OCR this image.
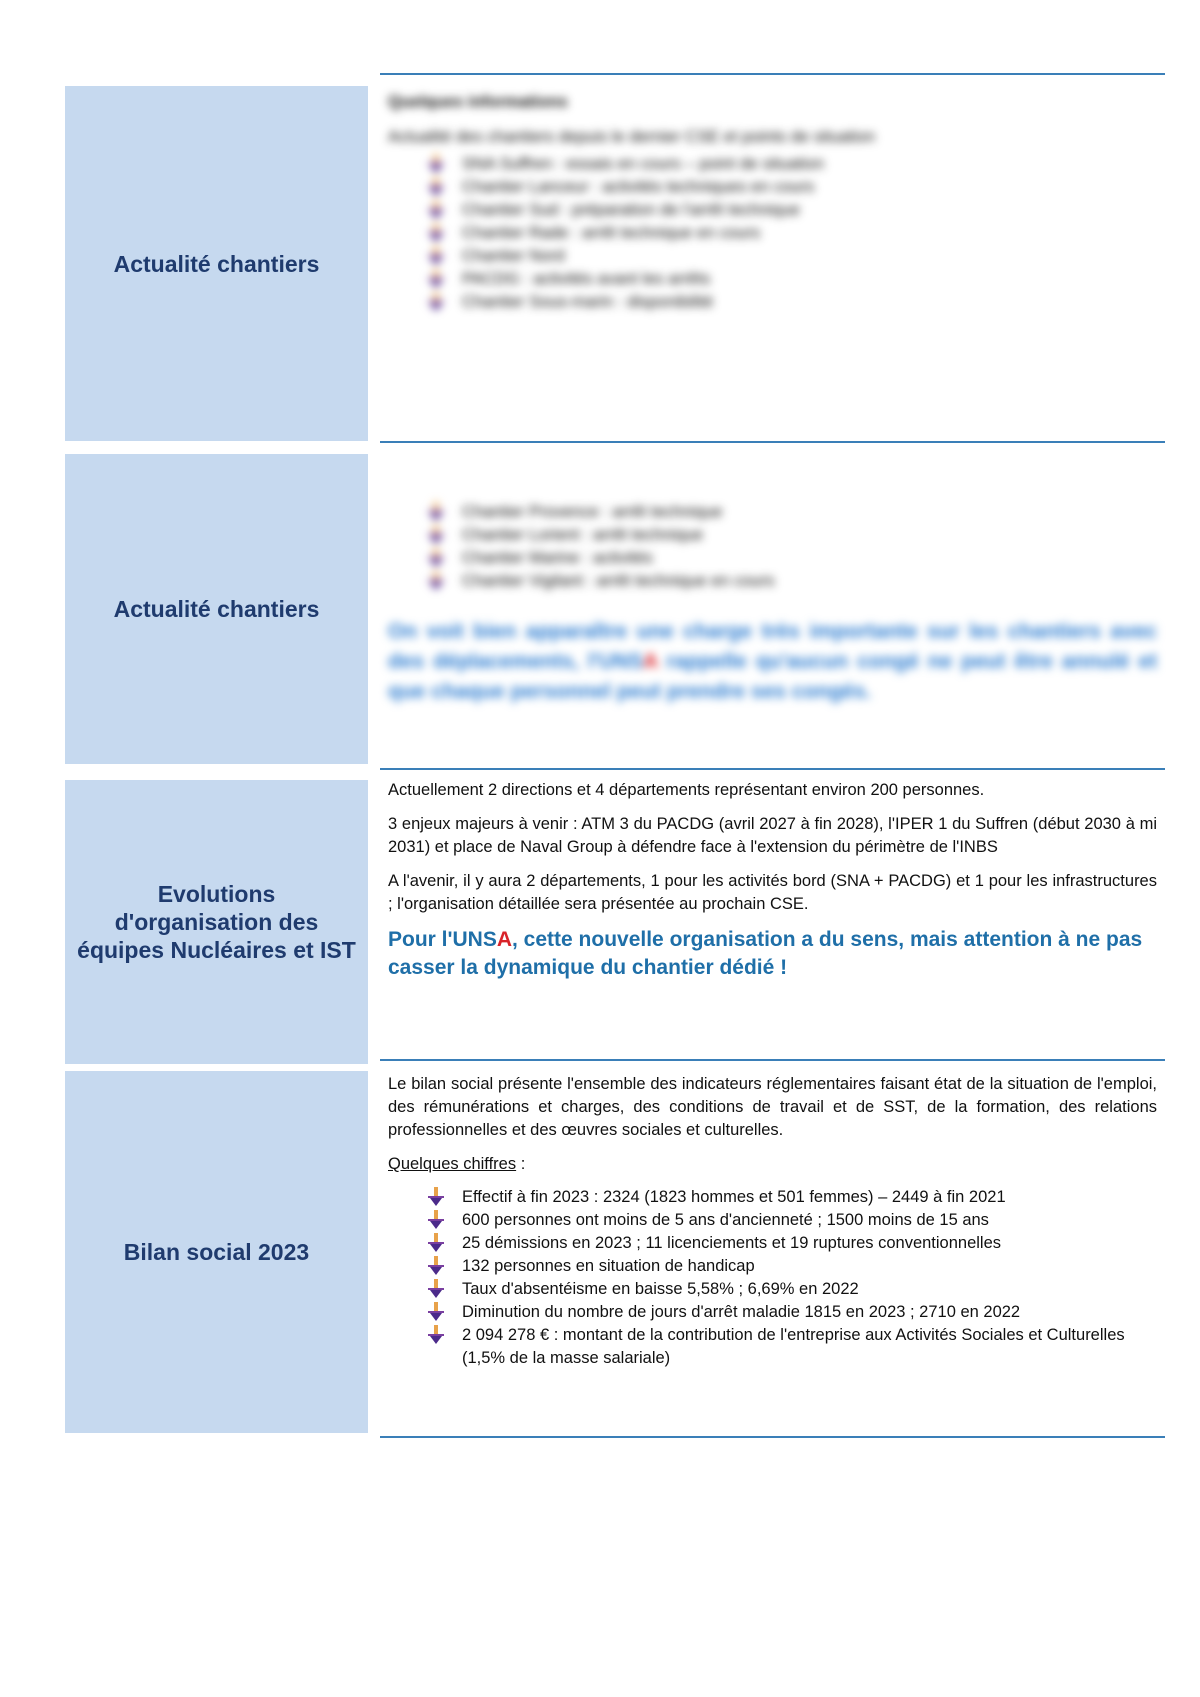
Actualité chantiers

Quelques informations

Actualité des chantiers depuis le dernier CSE et points de situation

SNA Suffren : essais en cours – point de situation
Chantier Lanceur : activités techniques en cours
Chantier Sud : préparation de l'arrêt technique
Chantier Rade : arrêt technique en cours
Chantier Nord
PACDG : activités avant les arrêts
Chantier Sous-marin : disponibilité
Actualité chantiers
Chantier Provence : arrêt technique
Chantier Lorient : arrêt technique
Chantier Marine : activités
Chantier Vigilant : arrêt technique en cours

On voit bien apparaître une charge très importante sur les chantiers avec des déplacements, l'UNSA rappelle qu'aucun congé ne peut être annulé et que chaque personnel peut prendre ses congés.

Evolutions d'organisation des équipes Nucléaires et IST

Actuellement 2 directions et 4 départements représentant environ 200 personnes.

3 enjeux majeurs à venir : ATM 3 du PACDG (avril 2027 à fin 2028), l'IPER 1 du Suffren (début 2030 à mi 2031) et place de Naval Group à défendre face à l'extension du périmètre de l'INBS

A l'avenir, il y aura 2 départements, 1 pour les activités bord (SNA + PACDG) et 1 pour les infrastructures ; l'organisation détaillée sera présentée au prochain CSE.

Pour l'UNSA, cette nouvelle organisation a du sens, mais attention à ne pas casser la dynamique du chantier dédié !

Bilan social 2023

Le bilan social présente l'ensemble des indicateurs réglementaires faisant état de la situation de l'emploi, des rémunérations et charges, des conditions de travail et de SST, de la formation, des relations professionnelles et des œuvres sociales et culturelles.

Quelques chiffres :

Effectif à fin 2023 : 2324 (1823 hommes et 501 femmes) – 2449 à fin 2021
600 personnes ont moins de 5 ans d'ancienneté ; 1500 moins de 15 ans
25 démissions en 2023 ; 11 licenciements et 19 ruptures conventionnelles
132 personnes en situation de handicap
Taux d'absentéisme en baisse 5,58% ; 6,69% en 2022
Diminution du nombre de jours d'arrêt maladie 1815 en 2023 ; 2710 en 2022
2 094 278 € : montant de la contribution de l'entreprise aux Activités Sociales et Culturelles (1,5% de la masse salariale)
